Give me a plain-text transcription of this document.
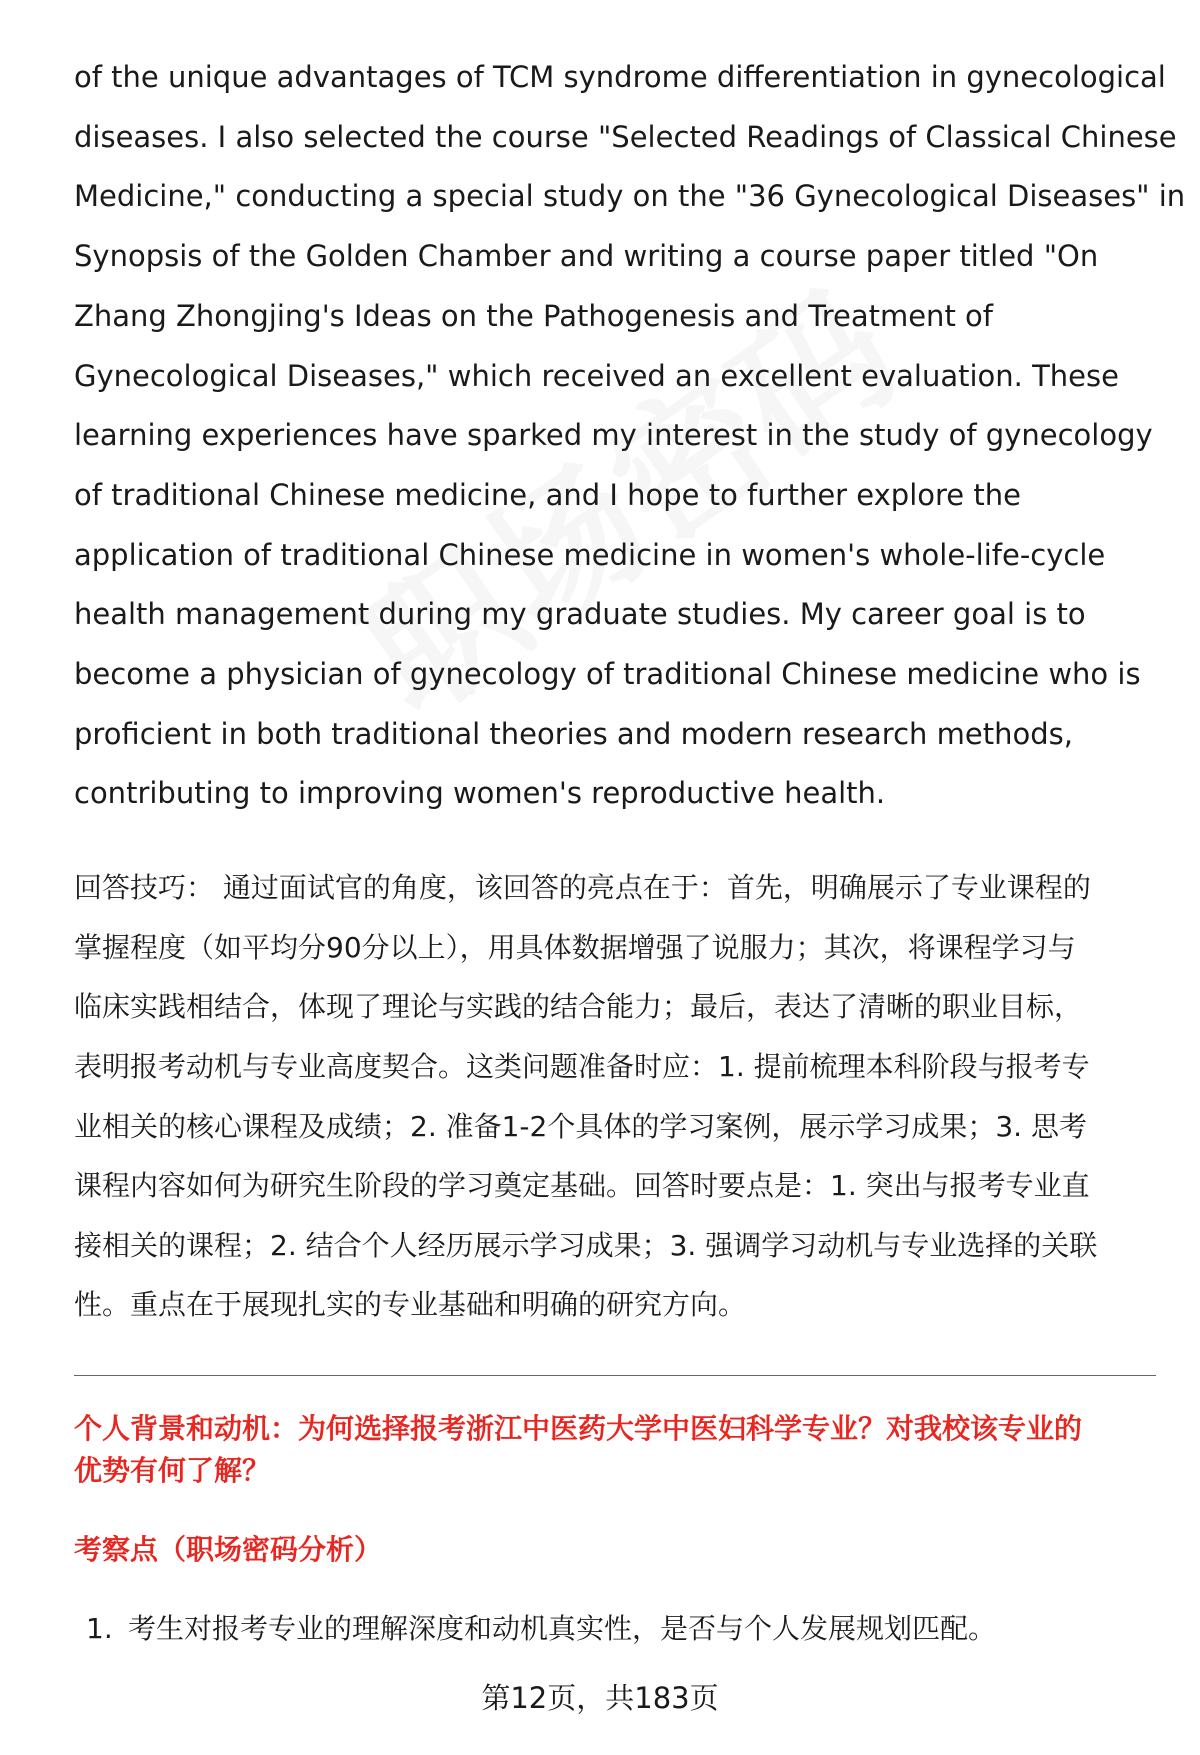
of the unique advantages of TCM syndrome differentiation in gynecological
diseases. I also selected the course "Selected Readings of Classical Chinese
Medicine," conducting a special study on the "36 Gynecological Diseases" in
Synopsis of the Golden Chamber and writing a course paper titled "On
Zhang Zhongjing's Ideas on the Pathogenesis and Treatment of
Gynecological Diseases," which received an excellent evaluation. These
learning experiences have sparked my interest in the study of gynecology
of traditional Chinese medicine, and I hope to further explore the
application of traditional Chinese medicine in women's whole-life-cycle
health management during my graduate studies. My career goal is to
become a physician of gynecology of traditional Chinese medicine who is
proficient in both traditional theories and modern research methods,
contributing to improving women's reproductive health.

回答技巧： 通过面试官的角度，该回答的亮点在于：首先，明确展示了专业课程的
掌握程度（如平均分90分以上），用具体数据增强了说服力；其次，将课程学习与
临床实践相结合，体现了理论与实践的结合能力；最后，表达了清晰的职业目标，
表明报考动机与专业高度契合。这类问题准备时应：1. 提前梳理本科阶段与报考专
业相关的核心课程及成绩；2. 准备1-2个具体的学习案例，展示学习成果；3. 思考
课程内容如何为研究生阶段的学习奠定基础。回答时要点是：1. 突出与报考专业直
接相关的课程；2. 结合个人经历展示学习成果；3. 强调学习动机与专业选择的关联
性。重点在于展现扎实的专业基础和明确的研究方向。

个人背景和动机：为何选择报考浙江中医药大学中医妇科学专业？对我校该专业的
优势有何了解？
考察点（职场密码分析）
1. 考生对报考专业的理解深度和动机真实性，是否与个人发展规划匹配。
第12页，共183页
